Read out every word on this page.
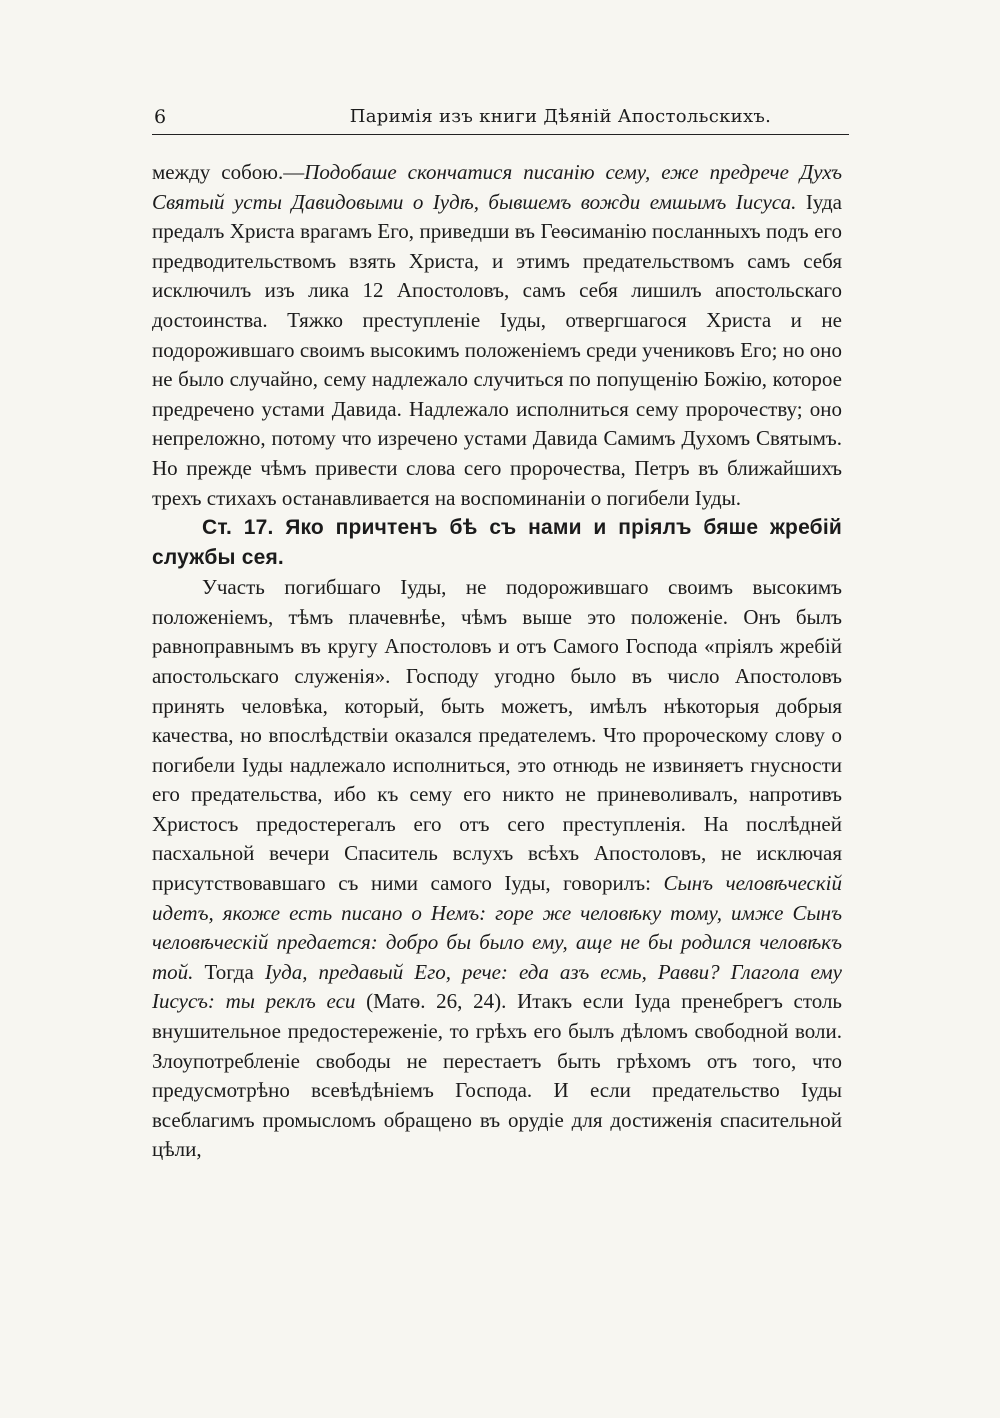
6	Паримія изъ книги Дѣяній Апостольскихъ.

между собою.—Подобаше скончатися писанію сему, еже предрече Духъ Святый усты Давидовыми о Іудѣ, бывшемъ вожди емшымъ Іисуса. Іуда предалъ Христа врагамъ Его, приведши въ Геѳсиманію посланныхъ подъ его предводительствомъ взять Христа, и этимъ предательствомъ самъ себя исключилъ изъ лика 12 Апостоловъ, самъ себя лишилъ апостольскаго достоинства. Тяжко преступленіе Іуды, отвергшагося Христа и не подорожившаго своимъ высокимъ положеніемъ среди учениковъ Его; но оно не было случайно, сему надлежало случиться по попущенію Божію, которое предречено устами Давида. Надлежало исполниться сему пророчеству; оно непреложно, потому что изречено устами Давида Самимъ Духомъ Святымъ. Но прежде чѣмъ привести слова сего пророчества, Петръ въ ближайшихъ трехъ стихахъ останавливается на воспоминаніи о погибели Іуды.

Ст. 17. Яко причтенъ бѣ съ нами и пріялъ бяше жребій службы сея.

Участь погибшаго Іуды, не подорожившаго своимъ высокимъ положеніемъ, тѣмъ плачевнѣе, чѣмъ выше это положеніе. Онъ былъ равноправнымъ въ кругу Апостоловъ и отъ Самого Господа «пріялъ жребій апостольскаго служенія». Господу угодно было въ число Апостоловъ принять человѣка, который, быть можетъ, имѣлъ нѣкоторыя добрыя качества, но впослѣдствіи оказался предателемъ. Что пророческому слову о погибели Іуды надлежало исполниться, это отнюдь не извиняетъ гнусности его предательства, ибо къ сему его никто не приневоливалъ, напротивъ Христосъ предостерегалъ его отъ сего преступленія. На послѣдней пасхальной вечери Спаситель вслухъ всѣхъ Апостоловъ, не исключая присутствовавшаго съ ними самого Іуды, говорилъ: Сынъ человѣческій идетъ, якоже есть писано о Немъ: горе же человѣку тому, имже Сынъ человѣческій предается: добро бы было ему, аще не бы родился человѣкъ той. Тогда Іуда, предавый Его, рече: еда азъ есмь, Равви? Глагола ему Іисусъ: ты реклъ еси (Матѳ. 26, 24). Итакъ если Іуда пренебрегъ столь внушительное предостереженіе, то грѣхъ его былъ дѣломъ свободной воли. Злоупотребленіе свободы не перестаетъ быть грѣхомъ отъ того, что предусмотрѣно всевѣдѣніемъ Господа. И если предательство Іуды всеблагимъ промысломъ обращено въ орудіе для достиженія спасительной цѣли,
